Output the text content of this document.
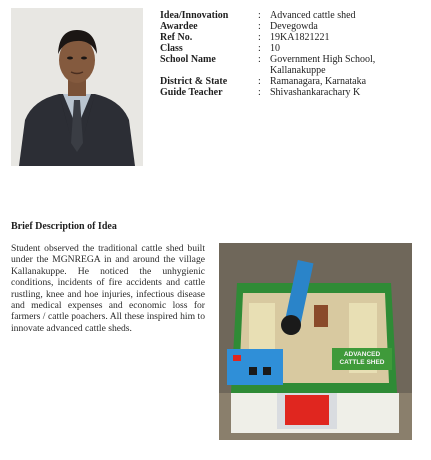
Idea/Innovation	: Advanced cattle shed
Awardee	: Devegowda
Ref No.	: 19KA1821221
Class	: 10
School Name	: Government High School,
Kallanakuppe
District & State	: Ramanagara, Karnataka
Guide Teacher	: Shivashankarachary K
Brief Description of Idea
Student observed the traditional cattle shed built under the MGNREGA in and around the village Kallanakuppe. He noticed the unhygienic conditions, incidents of fire accidents and cattle rustling, knee and hoe injuries, infectious disease and medical expenses and economic loss for farmers / cattle poachers. All these inspired him to innovate advanced cattle sheds.
ADVANCED
CATTLE SHED
